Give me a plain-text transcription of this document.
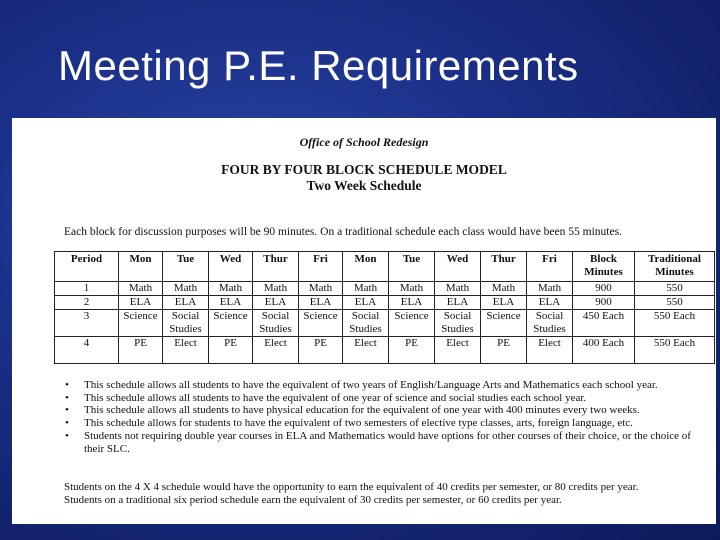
Meeting P.E. Requirements
Office of School Redesign
FOUR BY FOUR BLOCK SCHEDULE MODEL
Two Week Schedule
Each block for discussion purposes will be 90 minutes. On a traditional schedule each class would have been 55 minutes.
Period	Mon	Tue	Wed	Thur	Fri	Mon	Tue	Wed	Thur	Fri	Block Minutes	Traditional Minutes
1	Math	Math	Math	Math	Math	Math	Math	Math	Math	Math	900	550
2	ELA	ELA	ELA	ELA	ELA	ELA	ELA	ELA	ELA	ELA	900	550
3	Science	Social Studies	Science	Social Studies	Science	Social Studies	Science	Social Studies	Science	Social Studies	450 Each	550 Each
4	PE	Elect	PE	Elect	PE	Elect	PE	Elect	PE	Elect	400 Each	550 Each
• This schedule allows all students to have the equivalent of two years of English/Language Arts and Mathematics each school year.
• This schedule allows all students to have the equivalent of one year of science and social studies each school year.
• This schedule allows all students to have physical education for the equivalent of one year with 400 minutes every two weeks.
• This schedule allows for students to have the equivalent of two semesters of elective type classes, arts, foreign language, etc.
• Students not requiring double year courses in ELA and Mathematics would have options for other courses of their choice, or the choice of their SLC.
Students on the 4 X 4 schedule would have the opportunity to earn the equivalent of 40 credits per semester, or 80 credits per year.
Students on a traditional six period schedule earn the equivalent of 30 credits per semester, or 60 credits per year.
